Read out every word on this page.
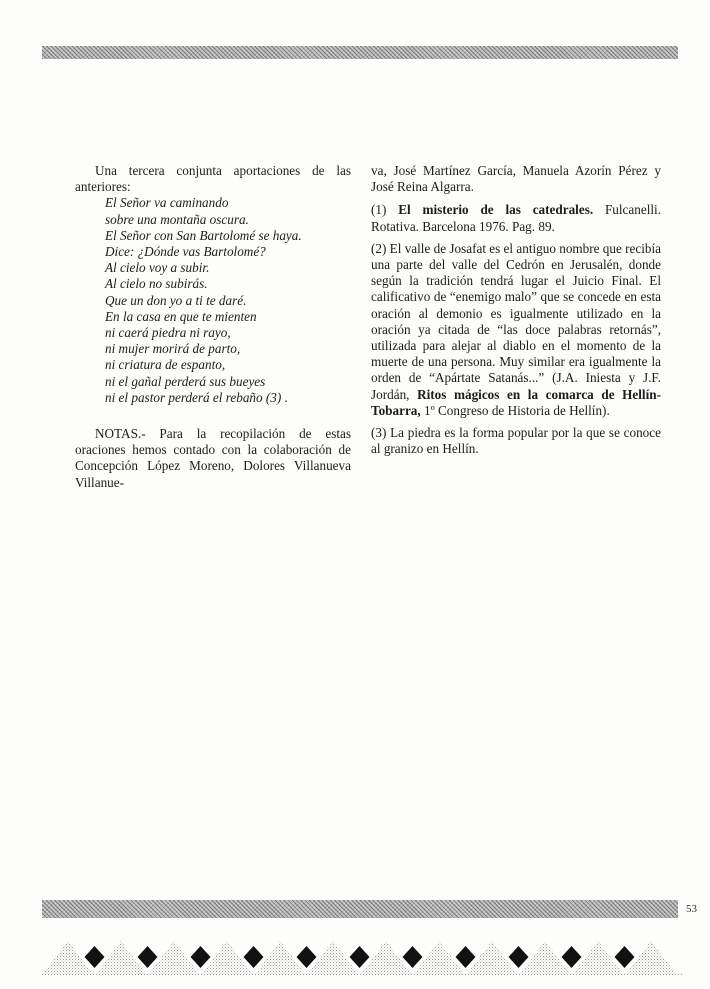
Una tercera conjunta aportaciones de las anteriores:

El Señor va caminando
sobre una montaña oscura.
El Señor con San Bartolomé se haya.
Dice: ¿Dónde vas Bartolomé?
Al cielo voy a subir.
Al cielo no subirás.
Que un don yo a ti te daré.
En la casa en que te mienten
ni caerá piedra ni rayo,
ni mujer morirá de parto,
ni criatura de espanto,
ni el gañal perderá sus bueyes
ni el pastor perderá el rebaño (3) .

NOTAS.- Para la recopilación de estas oraciones hemos contado con la colaboración de Concepción López Moreno, Dolores Villanueva Villanue-

va, José Martínez García, Manuela Azorín Pérez y José Reina Algarra.

(1) El misterio de las catedrales. Fulcanelli. Rotativa. Barcelona 1976. Pag. 89.

(2) El valle de Josafat es el antiguo nombre que recibía una parte del valle del Cedrón en Jerusalén, donde según la tradición tendrá lugar el Juicio Final. El calificativo de “enemigo malo” que se concede en esta oración al demonio es igualmente utilizado en la oración ya citada de “las doce palabras retornás”, utilizada para alejar al diablo en el momento de la muerte de una persona. Muy similar era igualmente la orden de “Apártate Satanás...” (J.A. Iniesta y J.F. Jordán, Ritos mágicos en la comarca de Hellín-Tobarra, 1º Congreso de Historia de Hellín).

(3) La piedra es la forma popular por la que se conoce al granizo en Hellín.

53
